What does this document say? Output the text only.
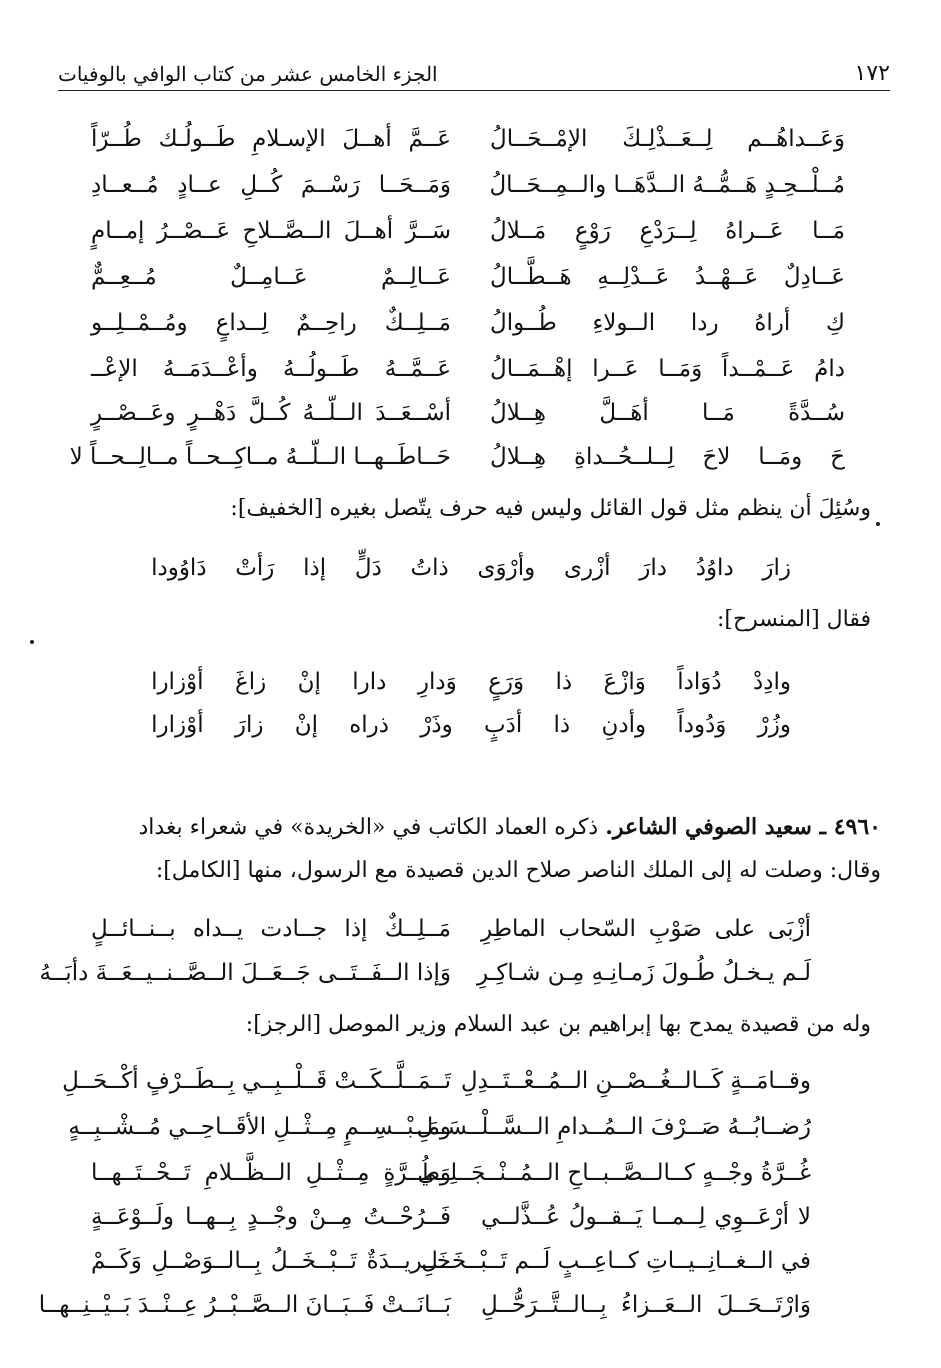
١٧٢
الجزء الخامس عشر من كتاب الوافي بالوفيات
عَــمَّ أهــلَ الإسـلامِ طَــولُـك طُــرّاً وَعَــداهُــم لِــعَــذْلِـكَ الإمْــحَــالُ
وَمَــحَــا رَسْــمَ كُــلِ عــادٍ مُــعــادِ مُــلْــحِـدٍ هَــمُّــهُ الــدَّهَــا والــمِــحَــالُ
سَــرَّ أهــلَ الــصَّــلاحِ عَــصْــرُ إمــامٍ مَــا عَــراهُ لِــرَدْعِ رَوْعٍ مَــلالُ
عَــالِــمٌ عَــامِــلٌ مُــعِــمٌّ عَــادِلٌ عَــهْــدُ عَــدْلِــهِ هَــطَّــالُ
مَــلِــكٌ راحِــمٌ لِــداعٍ ومُــمْــلِــو كِ أراهُ ردا الــولاءِ طُــوالُ
عَــمَّــهُ طَــولُــهُ وأعْــدَمَــهُ الإعْــ دامُ عَــمْــداً وَمَــا عَــرا إهْــمَــالُ
أسْــعَــدَ الــلّــهُ كُــلَّ دَهْــرٍ وعَــصْــرٍ سُــدَّةً مَــا أهَــلَّ هِــلالُ
حَــاطَــهــا الــلّــهُ مــاكِــحــاً مــالِــحــاً لا حَ ومَــا لاحَ لِــلــحُــداةِ هِــلالُ
وسُئِلَ أن ينظم مثل قول القائل وليس فيه حرف يتّصل بغيره [الخفيف]:
زارَ
داوُدُ
دارَ
أزْرى
وأرْوَى
ذاتُ
دَلٍّ
إذا
رَأتْ
دَاوُودا
فقال [المنسرح]:
وادِدْ
دُوَاداً
وَازْعَ
ذا
وَرَعٍ
وَدارِ
دارا
إنْ
زاغَ
أوْزارا
وزُرْ
وَدُوداً
وأدنِ
ذا
أدَبٍ
وذَرْ
ذراه
إنْ
زارَ
أوْزارا
٤٩٦٠ ـ سعيد الصوفي الشاعر. ذكره العماد الكاتب في «الخريدة» في شعراء بغداد
وقال: وصلت له إلى الملك الناصر صلاح الدين قصيدة مع الرسول، منها [الكامل]:
مَــلِــكٌ إذا جــادت يــداه بــنــائــلٍ أزْبَى على صَوْبِ السّحاب الماطِرِ
وَإذا الــفَــتَــى جَــعَــلَ الــصَّــنــيــعَــةَ دأبَــهُ لَـم يـخـلُ طُـولَ زَمـانِـهِ مِـن شـاكِـرِ
وله من قصيدة يمدح بها إبراهيم بن عبد السلام وزير الموصل [الرجز]:
تَــمَــلَّــكَــتْ قَــلْــبِــي بِــطَــرْفٍ أكْــحَــلِ وقــامَــةٍ كَــالــغُــصْــنِ الــمُــعْــتَــدِلِ
ومَــبْــسِــمٍ مِــثْــلِ الأقَــاحِــي مُــشْــبِــهٍ
رُضــابُــهُ صَــرْفَ الــمُــدامِ الــسَّــلْــسَــلِ
وَطُــرَّةٍ مِــثْــلِ الــظَّــلامِ تَــحْــتَــهــا
غُــرَّةُ وجْــهٍ كــالــصَّــبــاحِ الــمُــنْــجَــلِــي
فَــرُحْــتُ مِــنْ وجْــدٍ بِــهــا ولَــوْعَــةٍ لا أرْعَــوِي لِــمــا يَــقــولُ عُــذَّلــي
خَــريــدَةٌ تَــبْــخَــلُ بِــالــوَصْــلِ وَكَــمْ
في الــغــانِــيــاتِ كــاعِــبٍ لَــم تَــبْــخَــلِ
بَــانَــتْ فَــبَــانَ الــصَّــبْــرُ عِــنْــدَ بَــيْــنِــهــا وَارْتَــحَــلَ الــعَــزاءُ بِــالــتَّــرَحُّــلِ
